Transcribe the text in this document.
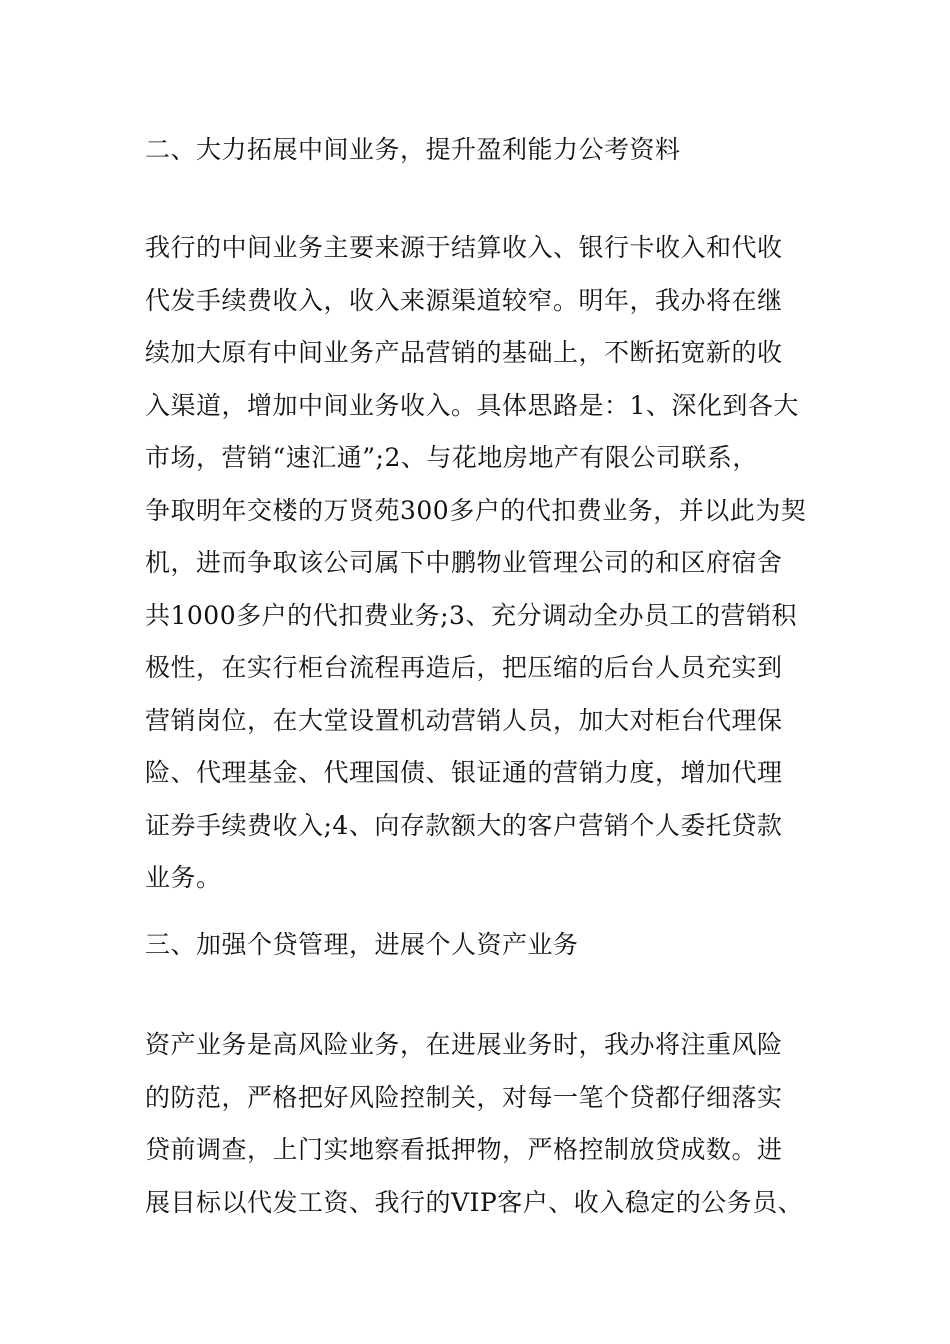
二、大力拓展中间业务，提升盈利能力公考资料
我行的中间业务主要来源于结算收入、银行卡收入和代收
代发手续费收入，收入来源渠道较窄。明年，我办将在继
续加大原有中间业务产品营销的基础上，不断拓宽新的收
入渠道，增加中间业务收入。具体思路是：1、深化到各大
市场，营销“速汇通”;2、与花地房地产有限公司联系，
争取明年交楼的万贤苑300多户的代扣费业务，并以此为契
机，进而争取该公司属下中鹏物业管理公司的和区府宿舍
共1000多户的代扣费业务;3、充分调动全办员工的营销积
极性，在实行柜台流程再造后，把压缩的后台人员充实到
营销岗位，在大堂设置机动营销人员，加大对柜台代理保
险、代理基金、代理国债、银证通的营销力度，增加代理
证券手续费收入;4、向存款额大的客户营销个人委托贷款
业务。
三、加强个贷管理，进展个人资产业务
资产业务是高风险业务，在进展业务时，我办将注重风险
的防范，严格把好风险控制关，对每一笔个贷都仔细落实
贷前调查，上门实地察看抵押物，严格控制放贷成数。进
展目标以代发工资、我行的VIP客户、收入稳定的公务员、
